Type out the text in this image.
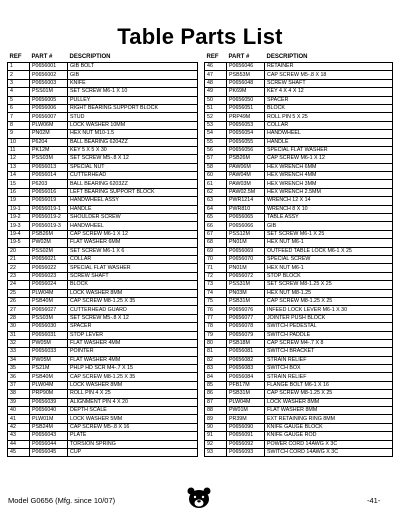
Table Parts List
REF	PART #	DESCRIPTION
1	P0656001	GIB BOLT
2	P0656002	GIB
3	P0656003	KNIFE
4	PSS01M	SET SCREW M6-1 X 10
5	P0656005	PULLEY
6	P0656006	RIGHT BEARING SUPPORT BLOCK
7	P0656007	STUD
8	PLW06M	LOCK WASHER 10MM
9	PN02M	HEX NUT M10-1.5
10	P6204	BALL BEARING 6204ZZ
11	PK12M	KEY 5 X 5 X 30
12	PSS03M	SET SCREW M5-.8 X 12
13	P0656013	SPECIAL NUT
14	P0656014	CUTTERHEAD
15	P6203	BALL BEARING 6203ZZ
16	P0656016	LEFT BEARING SUPPORT BLOCK
19	P0656019	HANDWHEEL ASSY
19-1	P0656019-1	HANDLE
19-2	P0656019-2	SHOULDER SCREW
19-3	P0656019-3	HANDWHEEL
19-4	PSB26M	CAP SCREW M6-1 X 12
19-5	PW02M	FLAT WASHER 6MM
20	PSS02M	SET SCREW M6-1 X 6
21	P0656021	COLLAR
22	P0656022	SPECIAL FLAT WASHER
23	P0656023	SCREW SHAFT
24	P0656024	BLOCK
25	PLW04M	LOCK WASHER 8MM
26	PSB40M	CAP SCREW M8-1.25 X 35
27	P0656027	CUTTERHEAD GUARD
28	PSS03M	SET SCREW M5-.8 X 12
30	P0656030	SPACER
31	P0656031	STOP LEVER
32	PW05M	FLAT WASHER 4MM
33	P0656033	POINTER
34	PW05M	FLAT WASHER 4MM
35	PS21M	PHLP HD SCR M4-.7 X 15
36	PSB40M	CAP SCREW M8-1.25 X 35
37	PLW04M	LOCK WASHER 8MM
38	PRP90M	ROLL PIN 4 X 25
39	P0656039	ALIGNMENT PIN 4 X 20
40	P0656040	DEPTH SCALE
41	PLW01M	LOCK WASHER 5MM
42	PSB24M	CAP SCREW M5-.8 X 16
43	P0656043	PLATE
44	P0656044	TORSION SPRING
45	P0656045	CUP
REF	PART #	DESCRIPTION
46	P0656046	RETAINER
47	PSB53M	CAP SCREW M5-.8 X 18
48	P0656048	SCREW SHAFT
49	PK69M	KEY 4 X 4 X 12
50	P0656050	SPACER
51	P0656051	BLOCK
52	PRP49M	ROLL PIN 5 X 25
53	P0656053	COLLAR
54	P0656054	HANDWHEEL
55	P0656055	HANDLE
56	P0656056	SPECIAL FLAT WASHER
57	PSB26M	CAP SCREW M6-1 X 12
58	PAW06M	HEX WRENCH 6MM
60	PAW04M	HEX WRENCH 4MM
61	PAW03M	HEX WRENCH 3MM
62	PAW02.5M	HEX WRENCH 2.5MM
63	PWR1214	WRENCH 12 X 14
64	PWR810	WRENCH 8 X 10
65	P0656065	TABLE ASSY
66	P0656066	GIB
67	PSS12M	SET SCREW M6-1 X 25
68	PN01M	HEX NUT M6-1
69	P0656069	OUTFEED TABLE LOCK M6-1 X 25
70	P0656070	SPECIAL SCREW
71	PN01M	HEX NUT M6-1
72	P0656072	STOP BLOCK
73	PSS31M	SET SCREW M8-1.25 X 25
74	PN03M	HEX NUT M8-1.25
75	PSB31M	CAP SCREW M8-1.25 X 25
76	P0656076	INFEED LOCK LEVER M6-1 X 30
77	P0656077	JOINTER PUSH BLOCK
78	P0656078	SWITCH PEDESTAL
79	P0656079	SWITCH PADDLE
80	PSB18M	CAP SCREW M4-.7 X 8
81	P0656081	SWITCH BRACKET
82	P0656082	STRAIN RELIEF
83	P0656083	SWITCH BOX
84	P0656084	STRAIN RELIEF
85	PFB17M	FLANGE BOLT M6-1 X 16
86	PSB31M	CAP SCREW M8-1.25 X 25
87	PLW04M	LOCK WASHER 8MM
88	PW01M	FLAT WASHER 8MM
89	PR39M	EXT RETAINING RING 8MM
90	P0656090	KNIFE GAUGE BLOCK
91	P0656091	KNIFE GAUGE ROD
92	P0656092	POWER CORD 14AWG X 3C
93	P0656093	SWITCH CORD 14AWG X 3C
Model G0656 (Mfg. since 10/07)	-41-
